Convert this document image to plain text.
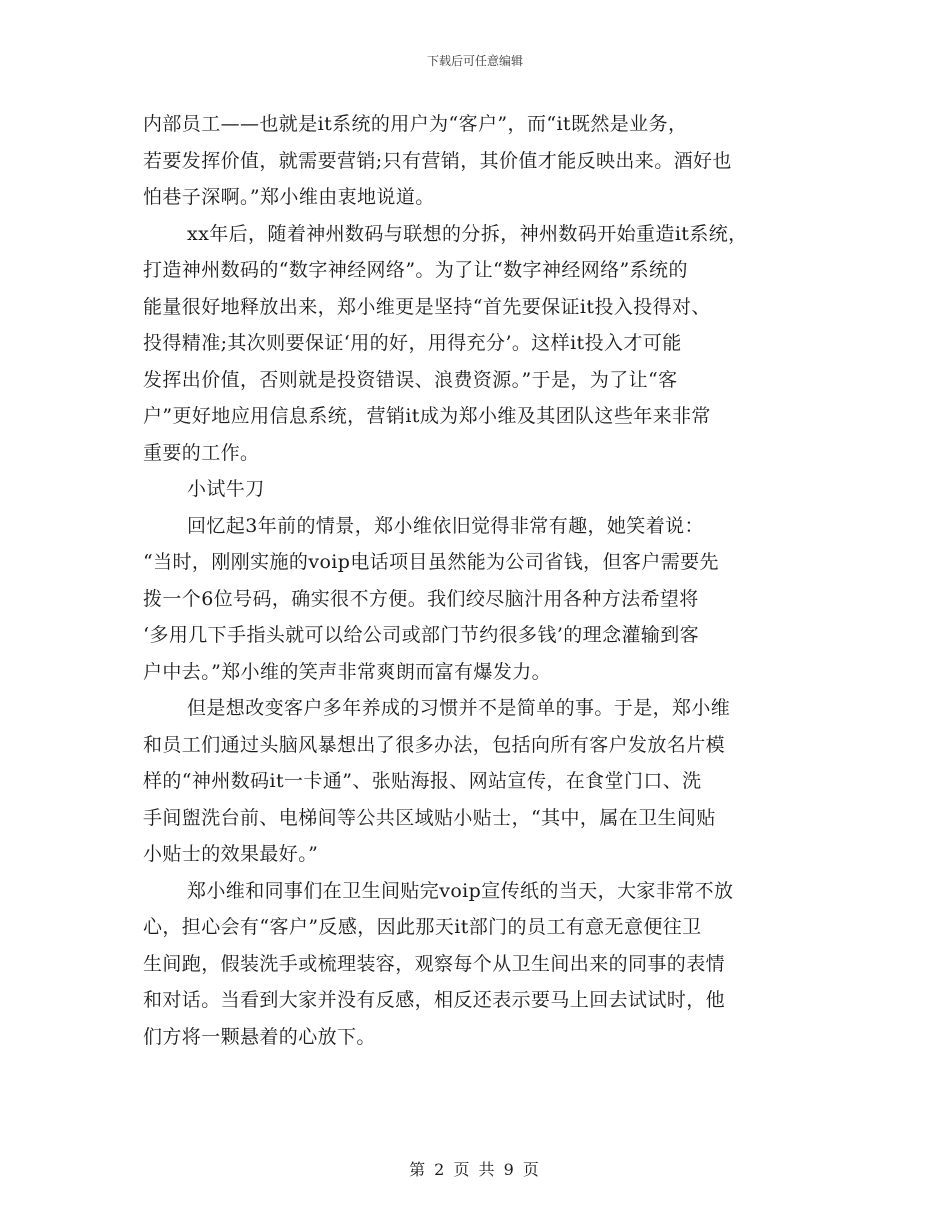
下载后可任意编辑
内部员工——也就是it系统的用户为“客户”，而“it既然是业务，
若要发挥价值，就需要营销;只有营销，其价值才能反映出来。酒好也
怕巷子深啊。”郑小维由衷地说道。
xx年后，随着神州数码与联想的分拆，神州数码开始重造it系统，
打造神州数码的“数字神经网络”。为了让“数字神经网络”系统的
能量很好地释放出来，郑小维更是坚持“首先要保证it投入投得对、
投得精准;其次则要保证‘用的好，用得充分’。这样it投入才可能
发挥出价值，否则就是投资错误、浪费资源。”于是，为了让“客
户”更好地应用信息系统，营销it成为郑小维及其团队这些年来非常
重要的工作。
小试牛刀
回忆起3年前的情景，郑小维依旧觉得非常有趣，她笑着说：
“当时，刚刚实施的voip电话项目虽然能为公司省钱，但客户需要先
拨一个6位号码，确实很不方便。我们绞尽脑汁用各种方法希望将
‘多用几下手指头就可以给公司或部门节约很多钱’的理念灌输到客
户中去。”郑小维的笑声非常爽朗而富有爆发力。
但是想改变客户多年养成的习惯并不是简单的事。于是，郑小维
和员工们通过头脑风暴想出了很多办法，包括向所有客户发放名片模
样的“神州数码it一卡通”、张贴海报、网站宣传，在食堂门口、洗
手间盥洗台前、电梯间等公共区域贴小贴士，“其中，属在卫生间贴
小贴士的效果最好。”
郑小维和同事们在卫生间贴完voip宣传纸的当天，大家非常不放
心，担心会有“客户”反感，因此那天it部门的员工有意无意便往卫
生间跑，假装洗手或梳理装容，观察每个从卫生间出来的同事的表情
和对话。当看到大家并没有反感，相反还表示要马上回去试试时，他
们方将一颗悬着的心放下。
第 2 页 共 9 页
